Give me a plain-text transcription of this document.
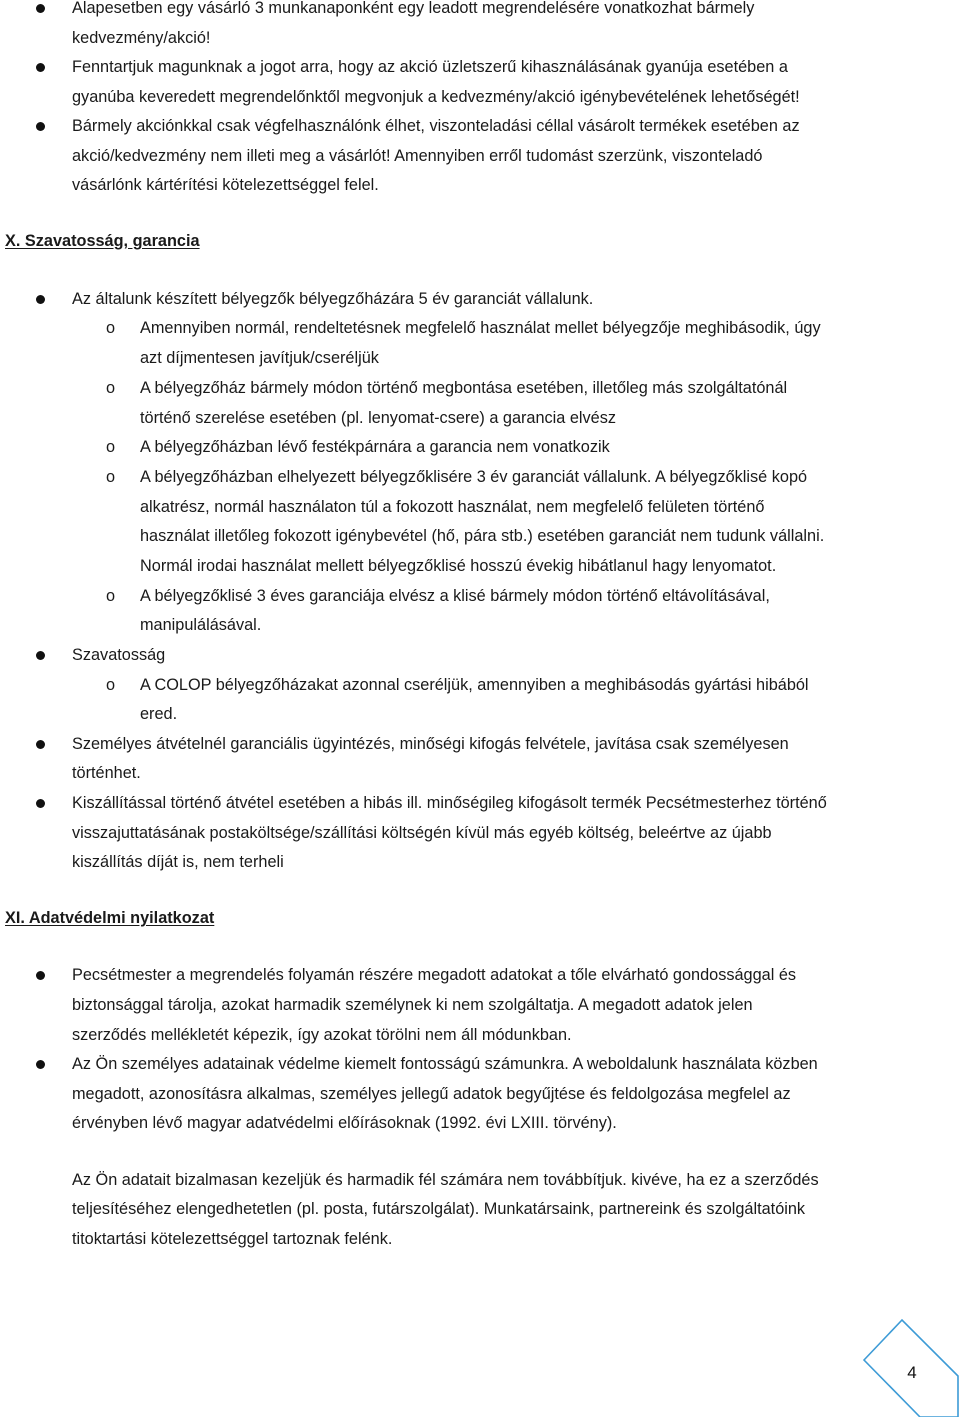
Alapesetben egy vásárló 3 munkanaponként egy leadott megrendelésére vonatkozhat bármely
kedvezmény/akció!
Fenntartjuk magunknak a jogot arra, hogy az akció üzletszerű kihasználásának gyanúja esetében a
gyanúba keveredett megrendelőnktől megvonjuk a kedvezmény/akció igénybevételének lehetőségét!
Bármely akciónkkal csak végfelhasználónk élhet, viszonteladási céllal vásárolt termékek esetében az
akció/kedvezmény nem illeti meg a vásárlót! Amennyiben erről tudomást szerzünk, viszonteladó
vásárlónk kártérítési kötelezettséggel felel.
X. Szavatosság, garancia
Az általunk készített bélyegzők bélyegzőházára 5 év garanciát vállalunk.
o Amennyiben normál, rendeltetésnek megfelelő használat mellet bélyegzője meghibásodik, úgy
azt díjmentesen javítjuk/cseréljük
o A bélyegzőház bármely módon történő megbontása esetében, illetőleg más szolgáltatónál
történő szerelése esetében (pl. lenyomat-csere) a garancia elvész
o A bélyegzőházban lévő festékpárnára a garancia nem vonatkozik
o A bélyegzőházban elhelyezett bélyegzőklisére 3 év garanciát vállalunk. A bélyegzőklisé kopó
alkatrész, normál használaton túl a fokozott használat, nem megfelelő felületen történő
használat illetőleg fokozott igénybevétel (hő, pára stb.) esetében garanciát nem tudunk vállalni.
Normál irodai használat mellett bélyegzőklisé hosszú évekig hibátlanul hagy lenyomatot.
o A bélyegzőklisé 3 éves garanciája elvész a klisé bármely módon történő eltávolításával,
manipulálásával.
Szavatosság
o A COLOP bélyegzőházakat azonnal cseréljük, amennyiben a meghibásodás gyártási hibából
ered.
Személyes átvételnél garanciális ügyintézés, minőségi kifogás felvétele, javítása csak személyesen
történhet.
Kiszállítással történő átvétel esetében a hibás ill. minőségileg kifogásolt termék Pecsétmesterhez történő
visszajuttatásának postaköltsége/szállítási költségén kívül más egyéb költség, beleértve az újabb
kiszállítás díját is, nem terheli
XI. Adatvédelmi nyilatkozat
Pecsétmester a megrendelés folyamán részére megadott adatokat a tőle elvárható gondossággal és
biztonsággal tárolja, azokat harmadik személynek ki nem szolgáltatja. A megadott adatok jelen
szerződés mellékletét képezik, így azokat törölni nem áll módunkban.
Az Ön személyes adatainak védelme kiemelt fontosságú számunkra. A weboldalunk használata közben
megadott, azonosításra alkalmas, személyes jellegű adatok begyűjtése és feldolgozása megfelel az
érvényben lévő magyar adatvédelmi előírásoknak (1992. évi LXIII. törvény).
Az Ön adatait bizalmasan kezeljük és harmadik fél számára nem továbbítjuk. kivéve, ha ez a szerződés
teljesítéséhez elengedhetetlen (pl. posta, futárszolgálat). Munkatársaink, partnereink és szolgáltatóink
titoktartási kötelezettséggel tartoznak felénk.
4
